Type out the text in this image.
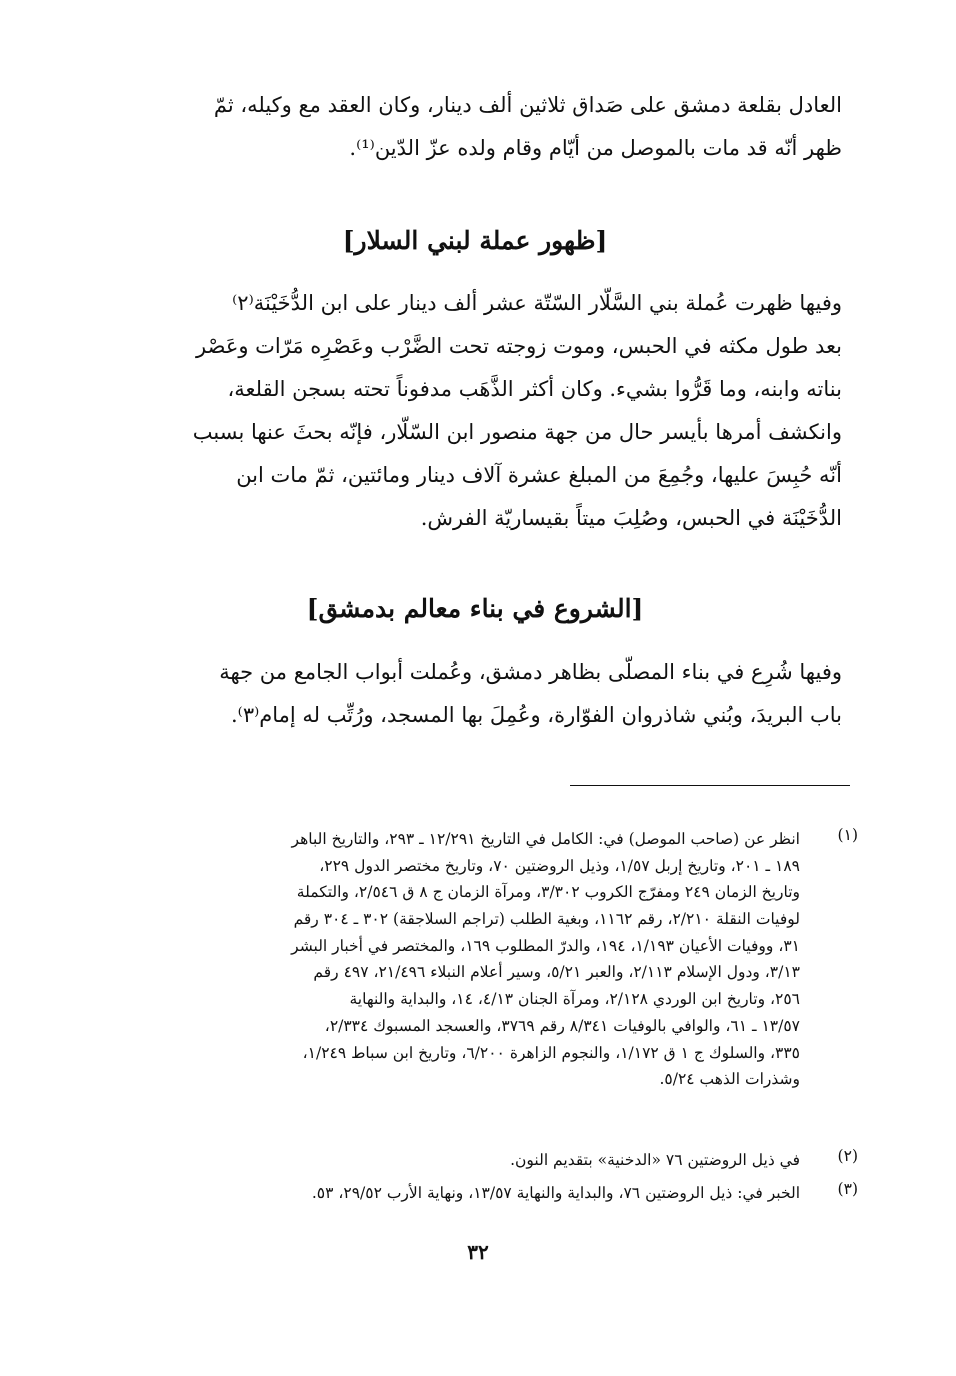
العادل بقلعة دمشق على صَداق ثلاثين ألف دينار، وكان العقد مع وكيله، ثمّ
ظهر أنّه قد مات بالموصل من أيّام وقام ولده عزّ الدّين⁽¹⁾.
[ظهور عملة لبني السلار]
وفيها ظهرت عُملة بني السَّلّار السّتّة عشر ألف دينار على ابن الدُّخَيْنَة⁽٢⁾
بعد طول مكثه في الحبس، وموت زوجته تحت الضَّرْب وعَصْرِه مَرّات وعَصْر
بناته وابنه، وما قَرُّوا بشيء. وكان أكثر الذَّهَب مدفوناً تحته بسجن القلعة،
وانكشف أمرها بأيسر حال من جهة منصور ابن السّلّار، فإنّه بحثَ عنها بسبب
أنّه حُبِسَ عليها، وجُمِعَ من المبلغ عشرة آلاف دينار ومائتين، ثمّ مات ابن
الدُّخَيْنَة في الحبس، وصُلِبَ ميتاً بقيساريّة الفرش.
[الشروع في بناء معالم بدمشق]
وفيها شُرِع في بناء المصلّى بظاهر دمشق، وعُملت أبواب الجامع من جهة
باب البريدَ، وبُني شاذروان الفوّارة، وعُمِلَ بها المسجد، ورُتِّب له إمام⁽٣⁾.
(١)
انظر عن (صاحب الموصل) في: الكامل في التاريخ ١٢/٢٩١ ـ ٢٩٣، والتاريخ الباهر
١٨٩ ـ ٢٠١، وتاريخ إربل ١/٥٧، وذيل الروضتين ٧٠، وتاريخ مختصر الدول ٢٢٩،
وتاريخ الزمان ٢٤٩ ومفرّج الكروب ٣/٣٠٢، ومرآة الزمان ج ٨ ق ٢/٥٤٦، والتكملة
لوفيات النقلة ٢/٢١٠، رقم ١١٦٢، وبغية الطلب (تراجم السلاجقة) ٣٠٢ ـ ٣٠٤ رقم
٣١، ووفيات الأعيان ١/١٩٣، ١٩٤، والدرّ المطلوب ١٦٩، والمختصر في أخبار البشر
٣/١٣، ودول الإسلام ٢/١١٣، والعبر ٥/٢١، وسير أعلام النبلاء ٢١/٤٩٦، ٤٩٧ رقم
٢٥٦، وتاريخ ابن الوردي ٢/١٢٨، ومرآة الجنان ٤/١٣، ١٤، والبداية والنهاية
١٣/٥٧ ـ ٦١، والوافي بالوفيات ٨/٣٤١ رقم ٣٧٦٩، والعسجد المسبوك ٢/٣٣٤،
٣٣٥، والسلوك ج ١ ق ١/١٧٢، والنجوم الزاهرة ٦/٢٠٠، وتاريخ ابن سباط ١/٢٤٩،
وشذرات الذهب ٥/٢٤.
(٢)
في ذيل الروضتين ٧٦ «الدخنية» بتقديم النون.
(٣)
الخبر في: ذيل الروضتين ٧٦، والبداية والنهاية ١٣/٥٧، ونهاية الأرب ٢٩/٥٢، ٥٣.
٣٢
